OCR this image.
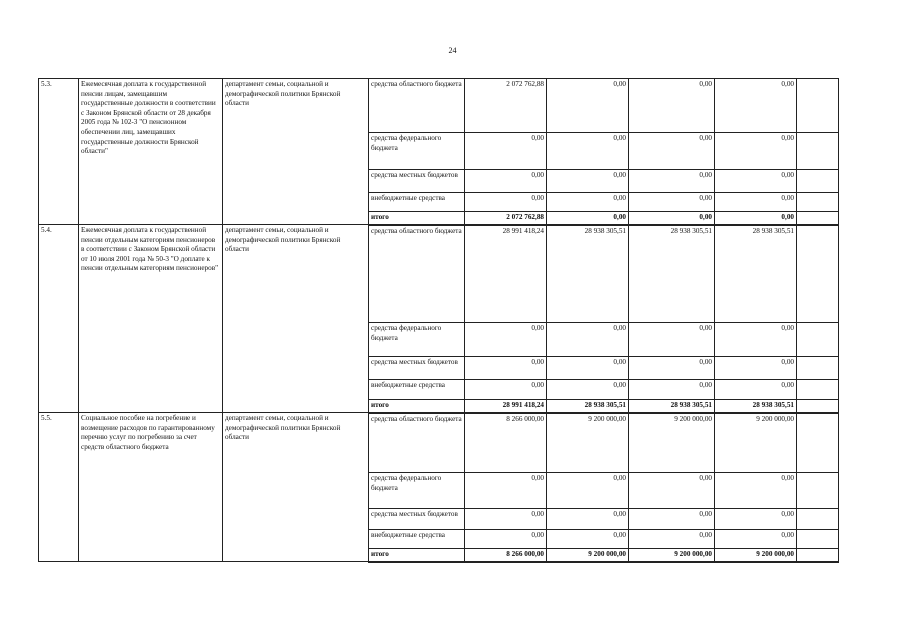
24
5.3.	Ежемесячная доплата к государственной пенсии лицам, замещавшим государственные должности в соответствии с Законом Брянской области от 28 декабря 2005 года № 102-3 "О пенсионном обеспечении лиц, замещавших государственные должности Брянской области"	департамент семьи, социальной и демографической политики Брянской области	средства областного бюджета	2 072 762,88	0,00	0,00	0,00	
			средства федерального бюджета	0,00	0,00	0,00	0,00	
			средства местных бюджетов	0,00	0,00	0,00	0,00	
			внебюджетные средства	0,00	0,00	0,00	0,00	
			итого	2 072 762,88	0,00	0,00	0,00	
5.4.	Ежемесячная доплата к государственной пенсии отдельным категориям пенсионеров в соответствии с Законом Брянской области от 10 июля 2001 года № 50-3 "О доплате к пенсии отдельным категориям пенсионеров"	департамент семьи, социальной и демографической политики Брянской области	средства областного бюджета	28 991 418,24	28 938 305,51	28 938 305,51	28 938 305,51	
			средства федерального бюджета	0,00	0,00	0,00	0,00	
			средства местных бюджетов	0,00	0,00	0,00	0,00	
			внебюджетные средства	0,00	0,00	0,00	0,00	
			итого	28 991 418,24	28 938 305,51	28 938 305,51	28 938 305,51	
5.5.	Социальное пособие на погребение и возмещение расходов по гарантированному перечню услуг по погребению за счет средств областного бюджета	департамент семьи, социальной и демографической политики Брянской области	средства областного бюджета	8 266 000,00	9 200 000,00	9 200 000,00	9 200 000,00	
			средства федерального бюджета	0,00	0,00	0,00	0,00	
			средства местных бюджетов	0,00	0,00	0,00	0,00	
			внебюджетные средства	0,00	0,00	0,00	0,00	
			итого	8 266 000,00	9 200 000,00	9 200 000,00	9 200 000,00	
